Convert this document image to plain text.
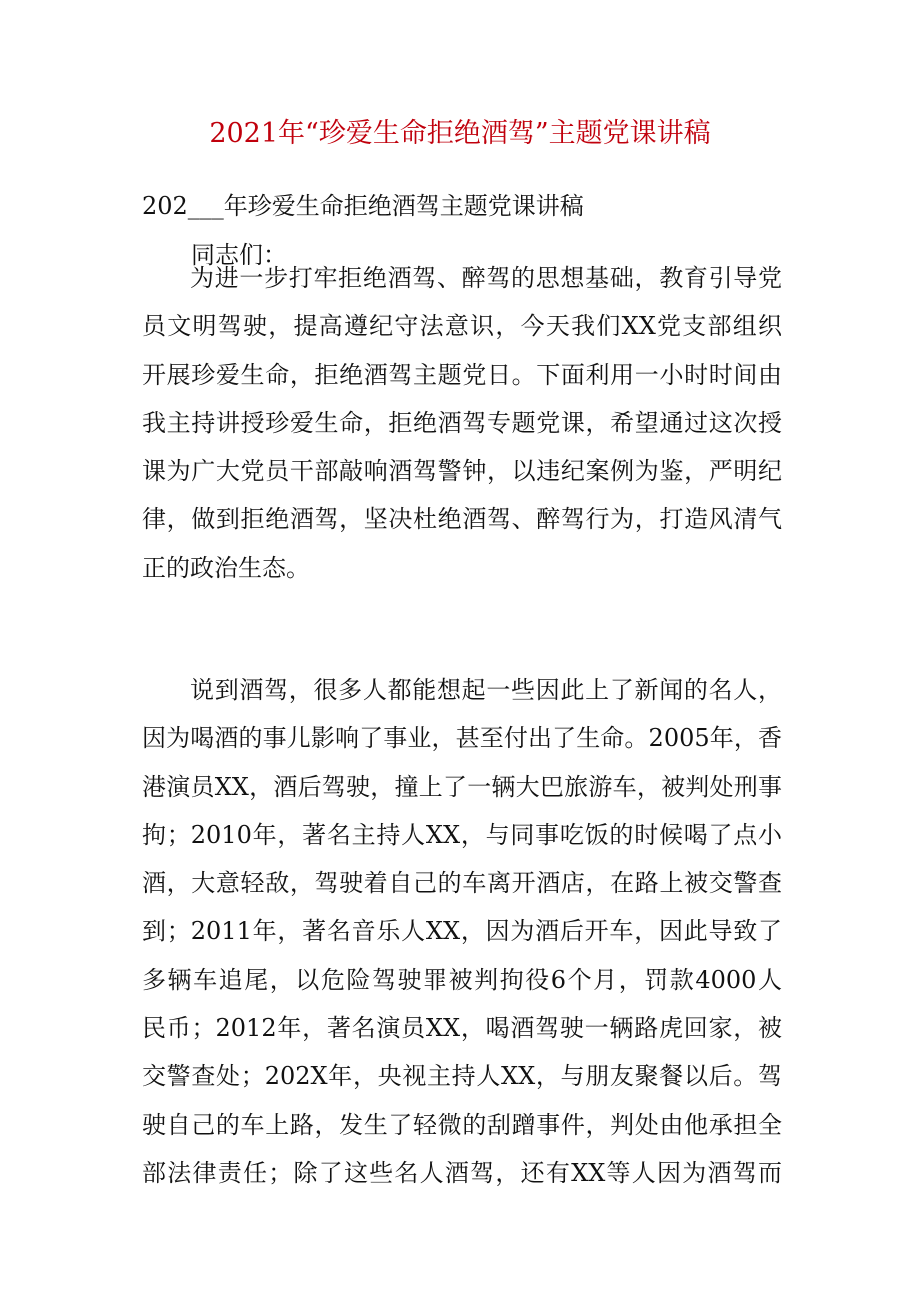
2021年“珍爱生命拒绝酒驾”主题党课讲稿
202___年珍爱生命拒绝酒驾主题党课讲稿
同志们：
为进一步打牢拒绝酒驾、醉驾的思想基础，教育引导党
员文明驾驶，提高遵纪守法意识，今天我们XX党支部组织
开展珍爱生命，拒绝酒驾主题党日。下面利用一小时时间由
我主持讲授珍爱生命，拒绝酒驾专题党课，希望通过这次授
课为广大党员干部敲响酒驾警钟，以违纪案例为鉴，严明纪
律，做到拒绝酒驾，坚决杜绝酒驾、醉驾行为，打造风清气
正的政治生态。
说到酒驾，很多人都能想起一些因此上了新闻的名人，
因为喝酒的事儿影响了事业，甚至付出了生命。2005年，香
港演员XX，酒后驾驶，撞上了一辆大巴旅游车，被判处刑事
拘；2010年，著名主持人XX，与同事吃饭的时候喝了点小
酒，大意轻敌，驾驶着自己的车离开酒店，在路上被交警查
到；2011年，著名音乐人XX，因为酒后开车，因此导致了
多辆车追尾，以危险驾驶罪被判拘役6个月，罚款4000人
民币；2012年，著名演员XX，喝酒驾驶一辆路虎回家，被
交警查处；202X年，央视主持人XX，与朋友聚餐以后。驾
驶自己的车上路，发生了轻微的刮蹭事件，判处由他承担全
部法律责任；除了这些名人酒驾，还有XX等人因为酒驾而
